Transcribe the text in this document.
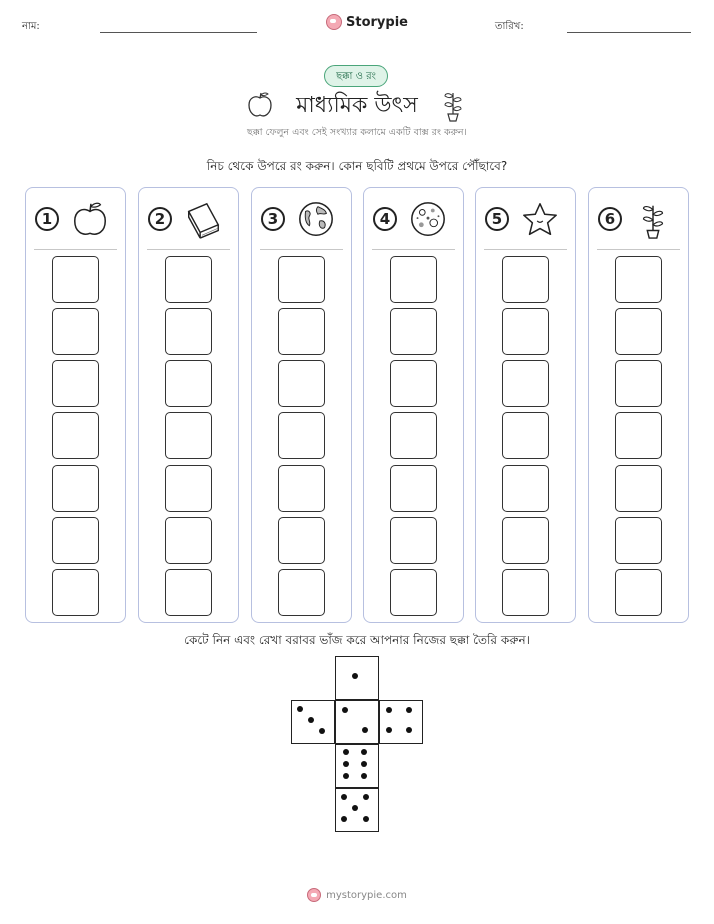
নাম:	Storypie	তারিখ:
ছক্কা ও রং
মাধ্যমিক উৎস
ছক্কা ফেলুন এবং সেই সংখ্যার কলামে একটি বাক্স রং করুন।
নিচ থেকে উপরে রং করুন। কোন ছবিটি প্রথমে উপরে পৌঁছাবে?
1	2	3	4	5	6
কেটে নিন এবং রেখা বরাবর ভাঁজ করে আপনার নিজের ছক্কা তৈরি করুন।
mystorypie.com
